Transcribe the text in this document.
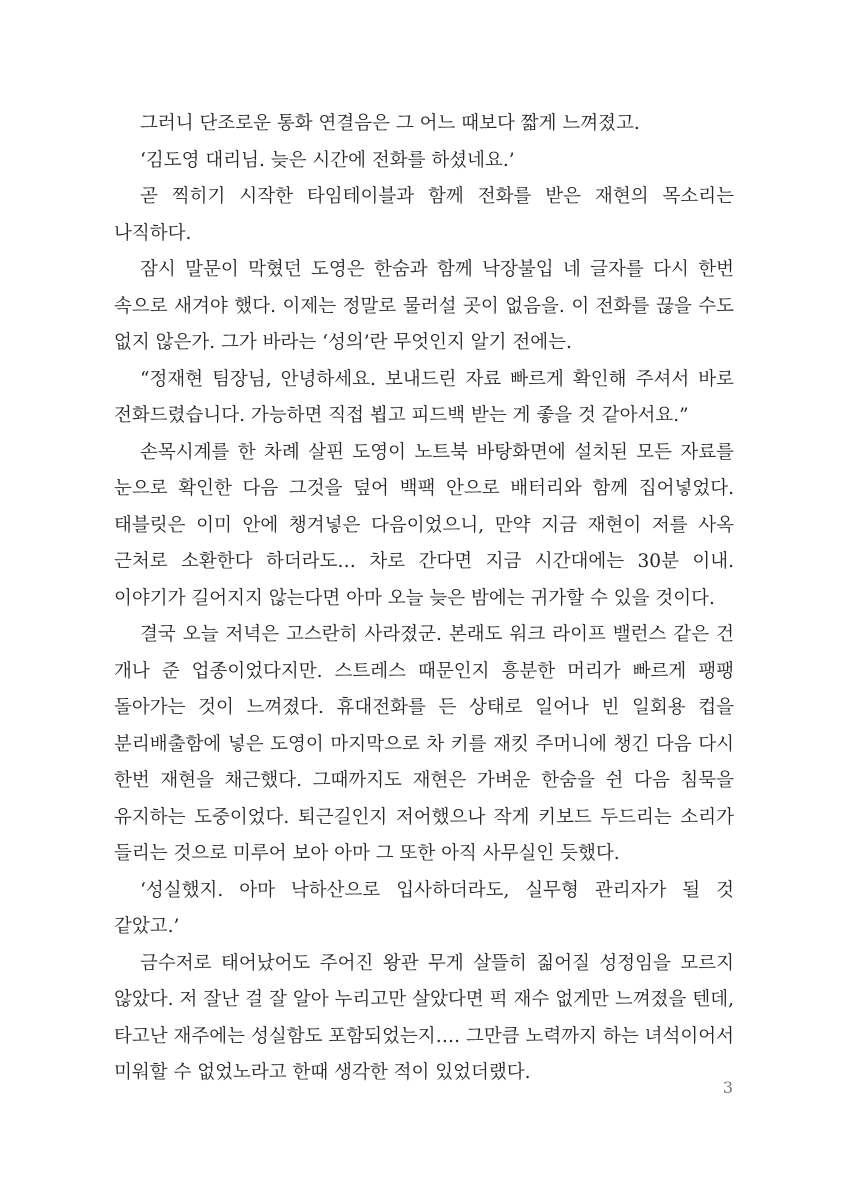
그러니 단조로운 통화 연결음은 그 어느 때보다 짧게 느껴졌고.

‘김도영 대리님. 늦은 시간에 전화를 하셨네요.’

곧 찍히기 시작한 타임테이블과 함께 전화를 받은 재현의 목소리는 나직하다.

잠시 말문이 막혔던 도영은 한숨과 함께 낙장불입 네 글자를 다시 한번 속으로 새겨야 했다. 이제는 정말로 물러설 곳이 없음을. 이 전화를 끊을 수도 없지 않은가. 그가 바라는 ‘성의’란 무엇인지 알기 전에는.

“정재현 팀장님, 안녕하세요. 보내드린 자료 빠르게 확인해 주셔서 바로 전화드렸습니다. 가능하면 직접 뵙고 피드백 받는 게 좋을 것 같아서요.”

손목시계를 한 차례 살핀 도영이 노트북 바탕화면에 설치된 모든 자료를 눈으로 확인한 다음 그것을 덮어 백팩 안으로 배터리와 함께 집어넣었다. 태블릿은 이미 안에 챙겨넣은 다음이었으니, 만약 지금 재현이 저를 사옥 근처로 소환한다 하더라도… 차로 간다면 지금 시간대에는 30분 이내. 이야기가 길어지지 않는다면 아마 오늘 늦은 밤에는 귀가할 수 있을 것이다.

결국 오늘 저녁은 고스란히 사라졌군. 본래도 워크 라이프 밸런스 같은 건 개나 준 업종이었다지만. 스트레스 때문인지 흥분한 머리가 빠르게 팽팽 돌아가는 것이 느껴졌다. 휴대전화를 든 상태로 일어나 빈 일회용 컵을 분리배출함에 넣은 도영이 마지막으로 차 키를 재킷 주머니에 챙긴 다음 다시 한번 재현을 채근했다. 그때까지도 재현은 가벼운 한숨을 쉰 다음 침묵을 유지하는 도중이었다. 퇴근길인지 저어했으나 작게 키보드 두드리는 소리가 들리는 것으로 미루어 보아 아마 그 또한 아직 사무실인 듯했다.

‘성실했지. 아마 낙하산으로 입사하더라도, 실무형 관리자가 될 것 같았고.’

금수저로 태어났어도 주어진 왕관 무게 살뜰히 짊어질 성정임을 모르지 않았다. 저 잘난 걸 잘 알아 누리고만 살았다면 퍽 재수 없게만 느껴졌을 텐데, 타고난 재주에는 성실함도 포함되었는지…. 그만큼 노력까지 하는 녀석이어서 미워할 수 없었노라고 한때 생각한 적이 있었더랬다.

3
